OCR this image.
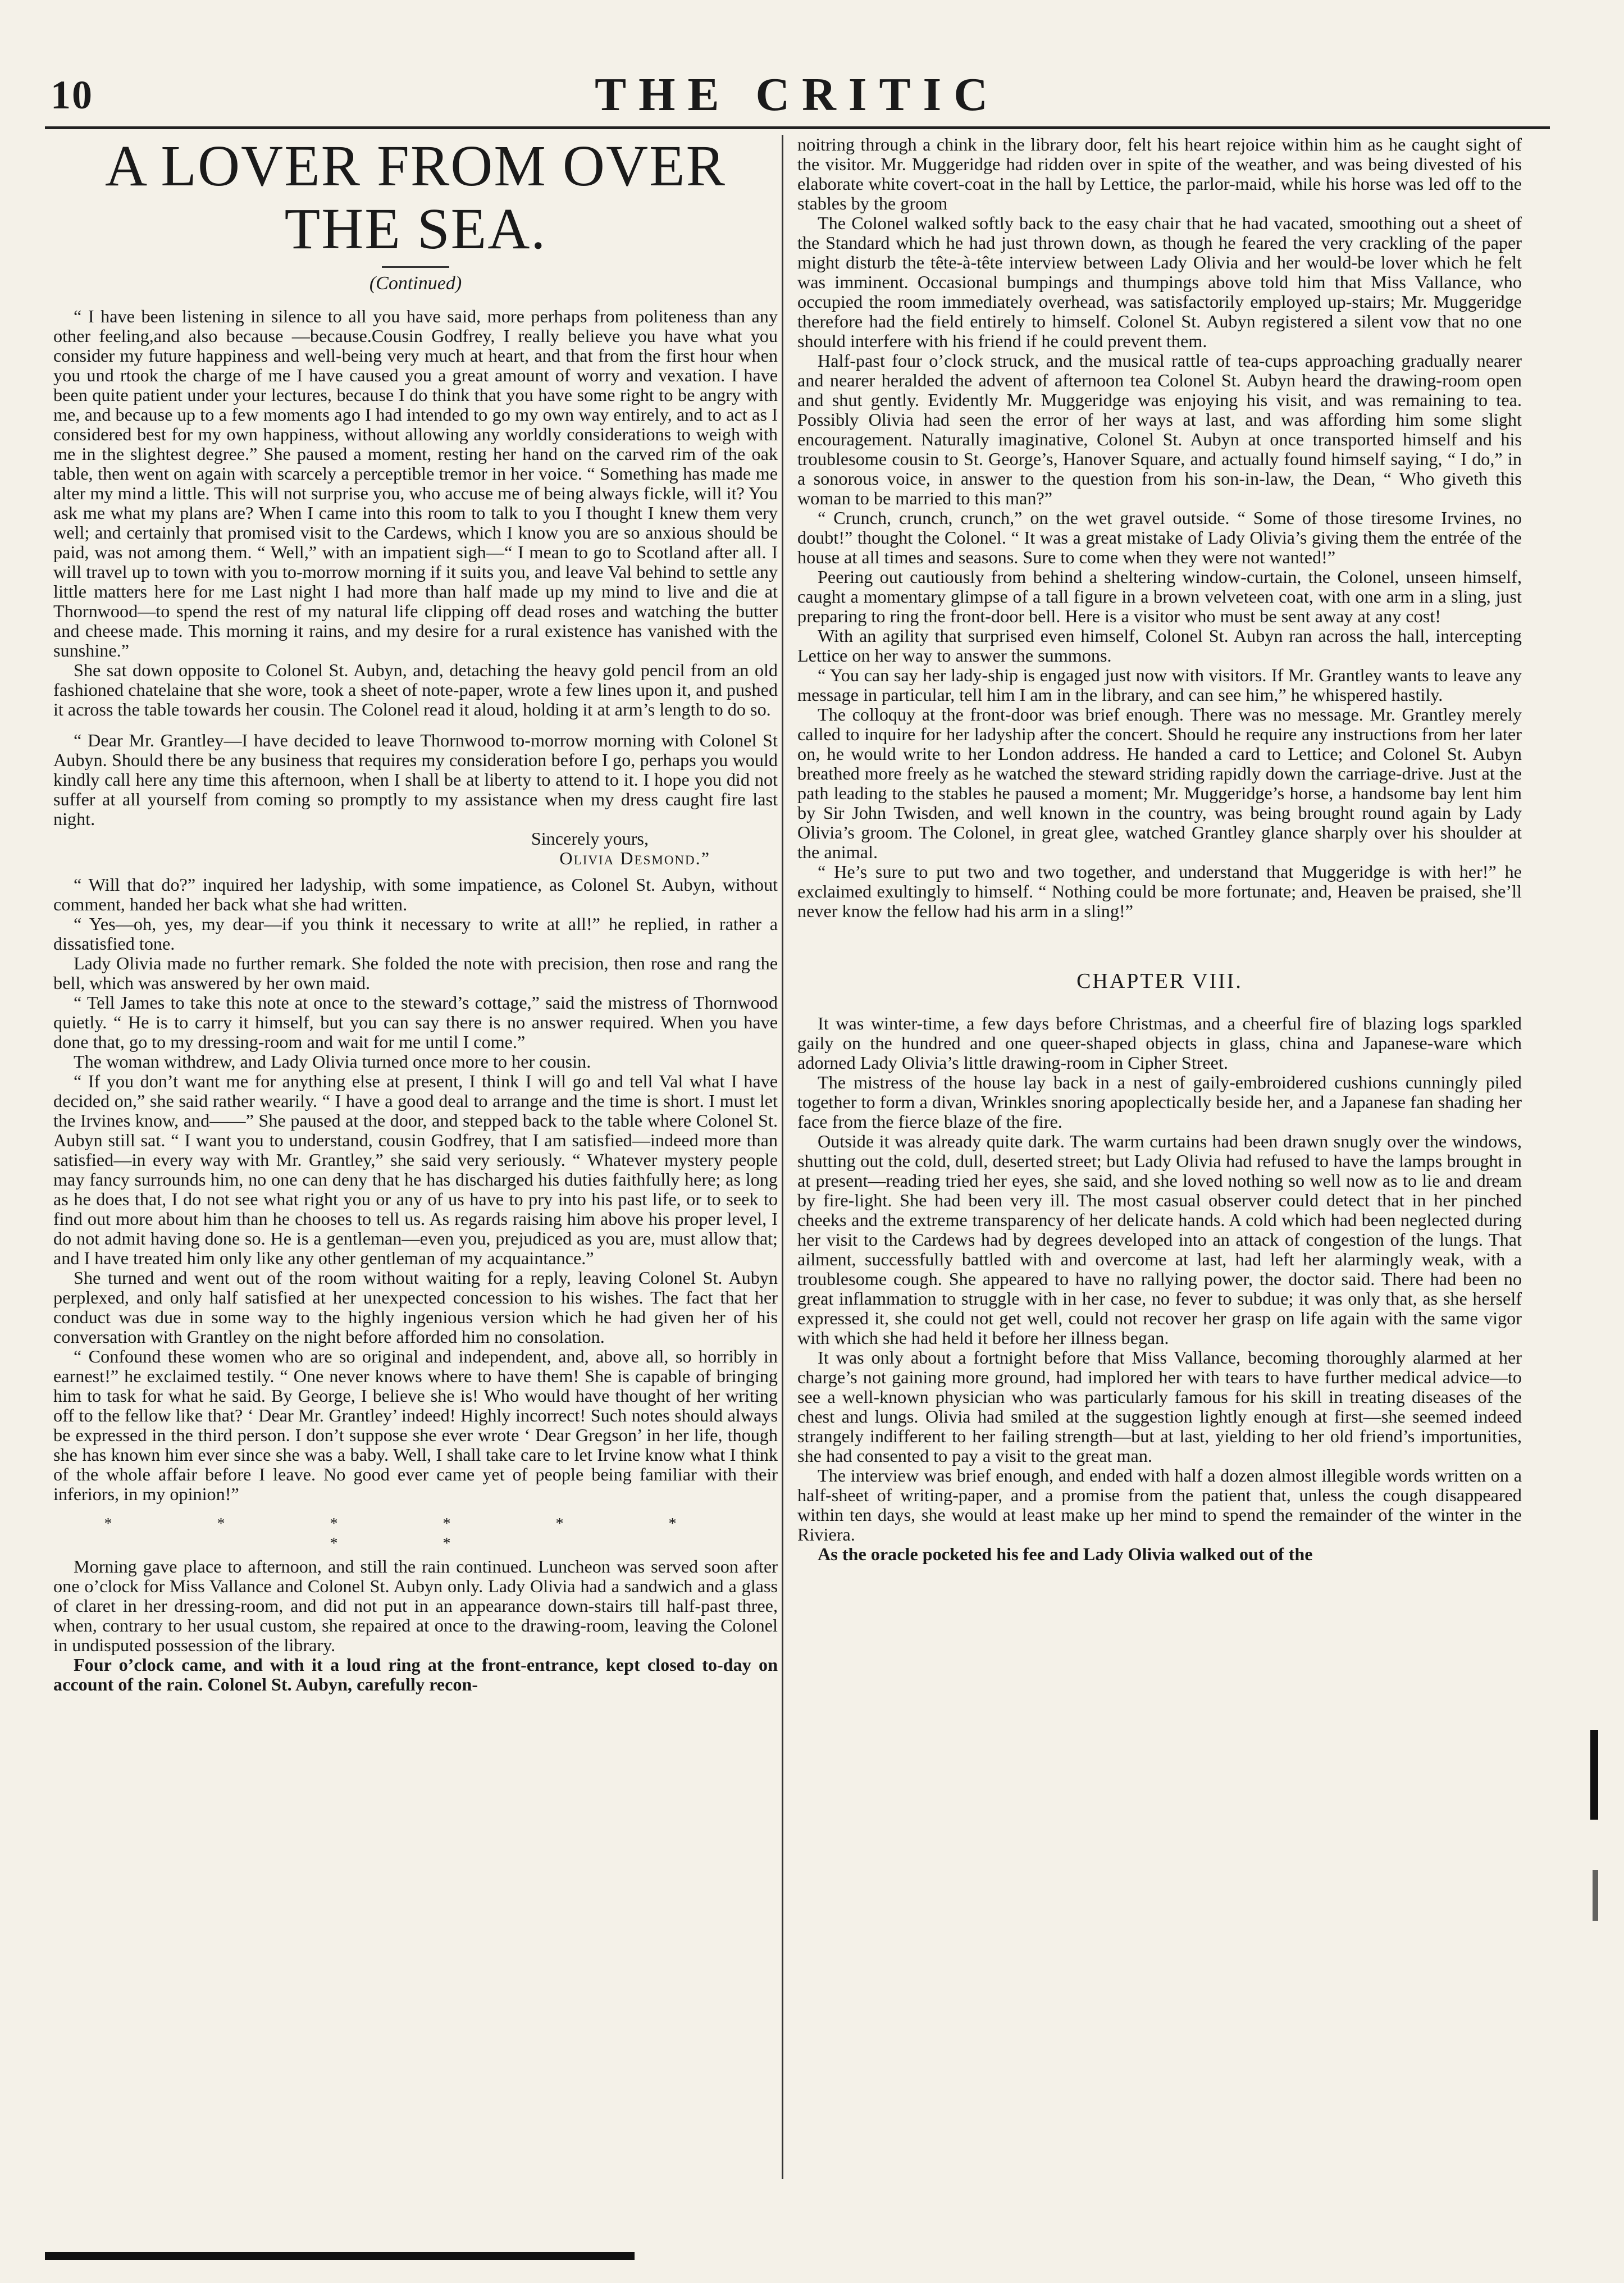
10	THE CRITIC
A LOVER FROM OVER THE SEA.
(Continued)

“ I have been listening in silence to all you have said, more perhaps from politeness than any other feeling,and also because —because.Cousin Godfrey, I really believe you have what you consider my future happiness and well-being very much at heart, and that from the first hour when you und rtook the charge of me I have caused you a great amount of worry and vexation. I have been quite patient under your lectures, because I do think that you have some right to be angry with me, and because up to a few moments ago I had intended to go my own way entirely, and to act as I considered best for my own happiness, without allowing any worldly considerations to weigh with me in the slightest degree.” She paused a moment, resting her hand on the carved rim of the oak table, then went on again with scarcely a perceptible tremor in her voice. “ Something has made me alter my mind a little. This will not surprise you, who accuse me of being always fickle, will it? You ask me what my plans are? When I came into this room to talk to you I thought I knew them very well; and certainly that promised visit to the Cardews, which I know you are so anxious should be paid, was not among them. “ Well,” with an impatient sigh—“ I mean to go to Scotland after all. I will travel up to town with you to-morrow morning if it suits you, and leave Val behind to settle any little matters here for me Last night I had more than half made up my mind to live and die at Thornwood—to spend the rest of my natural life clipping off dead roses and watching the butter and cheese made. This morning it rains, and my desire for a rural existence has vanished with the sunshine.”

She sat down opposite to Colonel St. Aubyn, and, detaching the heavy gold pencil from an old fashioned chatelaine that she wore, took a sheet of note-paper, wrote a few lines upon it, and pushed it across the table towards her cousin. The Colonel read it aloud, holding it at arm’s length to do so.

“ Dear Mr. Grantley—I have decided to leave Thornwood to-morrow morning with Colonel St Aubyn. Should there be any business that requires my consideration before I go, perhaps you would kindly call here any time this afternoon, when I shall be at liberty to attend to it. I hope you did not suffer at all yourself from coming so promptly to my assistance when my dress caught fire last night.

Sincerely yours,
Olivia Desmond.”

“ Will that do?” inquired her ladyship, with some impatience, as Colonel St. Aubyn, without comment, handed her back what she had written.

“ Yes—oh, yes, my dear—if you think it necessary to write at all!” he replied, in rather a dissatisfied tone.

Lady Olivia made no further remark. She folded the note with precision, then rose and rang the bell, which was answered by her own maid.

“ Tell James to take this note at once to the steward’s cottage,” said the mistress of Thornwood quietly. “ He is to carry it himself, but you can say there is no answer required. When you have done that, go to my dressing-room and wait for me until I come.”

The woman withdrew, and Lady Olivia turned once more to her cousin.

“ If you don’t want me for anything else at present, I think I will go and tell Val what I have decided on,” she said rather wearily. “ I have a good deal to arrange and the time is short. I must let the Irvines know, and——” She paused at the door, and stepped back to the table where Colonel St. Aubyn still sat. “ I want you to understand, cousin Godfrey, that I am satisfied—indeed more than satisfied—in every way with Mr. Grantley,” she said very seriously. “ Whatever mystery people may fancy surrounds him, no one can deny that he has discharged his duties faithfully here; as long as he does that, I do not see what right you or any of us have to pry into his past life, or to seek to find out more about him than he chooses to tell us. As regards raising him above his proper level, I do not admit having done so. He is a gentleman—even you, prejudiced as you are, must allow that; and I have treated him only like any other gentleman of my acquaintance.”

She turned and went out of the room without waiting for a reply, leaving Colonel St. Aubyn perplexed, and only half satisfied at her unexpected concession to his wishes. The fact that her conduct was due in some way to the highly ingenious version which he had given her of his conversation with Grantley on the night before afforded him no consolation.

“ Confound these women who are so original and independent, and, above all, so horribly in earnest!” he exclaimed testily. “ One never knows where to have them! She is capable of bringing him to task for what he said. By George, I believe she is! Who would have thought of her writing off to the fellow like that? ‘ Dear Mr. Grantley’ indeed! Highly incorrect! Such notes should always be expressed in the third person. I don’t suppose she ever wrote ‘ Dear Gregson’ in her life, though she has known him ever since she was a baby. Well, I shall take care to let Irvine know what I think of the whole affair before I leave. No good ever came yet of people being familiar with their inferiors, in my opinion!”

* * * * * * * *

Morning gave place to afternoon, and still the rain continued. Luncheon was served soon after one o’clock for Miss Vallance and Colonel St. Aubyn only. Lady Olivia had a sandwich and a glass of claret in her dressing-room, and did not put in an appearance down-stairs till half-past three, when, contrary to her usual custom, she repaired at once to the drawing-room, leaving the Colonel in undisputed possession of the library.

Four o’clock came, and with it a loud ring at the front-entrance, kept closed to-day on account of the rain. Colonel St. Aubyn, carefully recon-

noitring through a chink in the library door, felt his heart rejoice within him as he caught sight of the visitor. Mr. Muggeridge had ridden over in spite of the weather, and was being divested of his elaborate white covert-coat in the hall by Lettice, the parlor-maid, while his horse was led off to the stables by the groom

The Colonel walked softly back to the easy chair that he had vacated, smoothing out a sheet of the Standard which he had just thrown down, as though he feared the very crackling of the paper might disturb the tête-à-tête interview between Lady Olivia and her would-be lover which he felt was imminent. Occasional bumpings and thumpings above told him that Miss Vallance, who occupied the room immediately overhead, was satisfactorily employed up-stairs; Mr. Muggeridge therefore had the field entirely to himself. Colonel St. Aubyn registered a silent vow that no one should interfere with his friend if he could prevent them.

Half-past four o’clock struck, and the musical rattle of tea-cups approaching gradually nearer and nearer heralded the advent of afternoon tea Colonel St. Aubyn heard the drawing-room open and shut gently. Evidently Mr. Muggeridge was enjoying his visit, and was remaining to tea. Possibly Olivia had seen the error of her ways at last, and was affording him some slight encouragement. Naturally imaginative, Colonel St. Aubyn at once transported himself and his troublesome cousin to St. George’s, Hanover Square, and actually found himself saying, “ I do,” in a sonorous voice, in answer to the question from his son-in-law, the Dean, “ Who giveth this woman to be married to this man?”

“ Crunch, crunch, crunch,” on the wet gravel outside. “ Some of those tiresome Irvines, no doubt!” thought the Colonel. “ It was a great mistake of Lady Olivia’s giving them the entrée of the house at all times and seasons. Sure to come when they were not wanted!”

Peering out cautiously from behind a sheltering window-curtain, the Colonel, unseen himself, caught a momentary glimpse of a tall figure in a brown velveteen coat, with one arm in a sling, just preparing to ring the front-door bell. Here is a visitor who must be sent away at any cost!

With an agility that surprised even himself, Colonel St. Aubyn ran across the hall, intercepting Lettice on her way to answer the summons.

“ You can say her lady-ship is engaged just now with visitors. If Mr. Grantley wants to leave any message in particular, tell him I am in the library, and can see him,” he whispered hastily.

The colloquy at the front-door was brief enough. There was no message. Mr. Grantley merely called to inquire for her ladyship after the concert. Should he require any instructions from her later on, he would write to her London address. He handed a card to Lettice; and Colonel St. Aubyn breathed more freely as he watched the steward striding rapidly down the carriage-drive. Just at the path leading to the stables he paused a moment; Mr. Muggeridge’s horse, a handsome bay lent him by Sir John Twisden, and well known in the country, was being brought round again by Lady Olivia’s groom. The Colonel, in great glee, watched Grantley glance sharply over his shoulder at the animal.

“ He’s sure to put two and two together, and understand that Muggeridge is with her!” he exclaimed exultingly to himself. “ Nothing could be more fortunate; and, Heaven be praised, she’ll never know the fellow had his arm in a sling!”

CHAPTER VIII.

It was winter-time, a few days before Christmas, and a cheerful fire of blazing logs sparkled gaily on the hundred and one queer-shaped objects in glass, china and Japanese-ware which adorned Lady Olivia’s little drawing-room in Cipher Street.

The mistress of the house lay back in a nest of gaily-embroidered cushions cunningly piled together to form a divan, Wrinkles snoring apoplectically beside her, and a Japanese fan shading her face from the fierce blaze of the fire.

Outside it was already quite dark. The warm curtains had been drawn snugly over the windows, shutting out the cold, dull, deserted street; but Lady Olivia had refused to have the lamps brought in at present—reading tried her eyes, she said, and she loved nothing so well now as to lie and dream by fire-light. She had been very ill. The most casual observer could detect that in her pinched cheeks and the extreme transparency of her delicate hands. A cold which had been neglected during her visit to the Cardews had by degrees developed into an attack of congestion of the lungs. That ailment, successfully battled with and overcome at last, had left her alarmingly weak, with a troublesome cough. She appeared to have no rallying power, the doctor said. There had been no great inflammation to struggle with in her case, no fever to subdue; it was only that, as she herself expressed it, she could not get well, could not recover her grasp on life again with the same vigor with which she had held it before her illness began.

It was only about a fortnight before that Miss Vallance, becoming thoroughly alarmed at her charge’s not gaining more ground, had implored her with tears to have further medical advice—to see a well-known physician who was particularly famous for his skill in treating diseases of the chest and lungs. Olivia had smiled at the suggestion lightly enough at first—she seemed indeed strangely indifferent to her failing strength—but at last, yielding to her old friend’s importunities, she had consented to pay a visit to the great man.

The interview was brief enough, and ended with half a dozen almost illegible words written on a half-sheet of writing-paper, and a promise from the patient that, unless the cough disappeared within ten days, she would at least make up her mind to spend the remainder of the winter in the Riviera.

As the oracle pocketed his fee and Lady Olivia walked out of the
